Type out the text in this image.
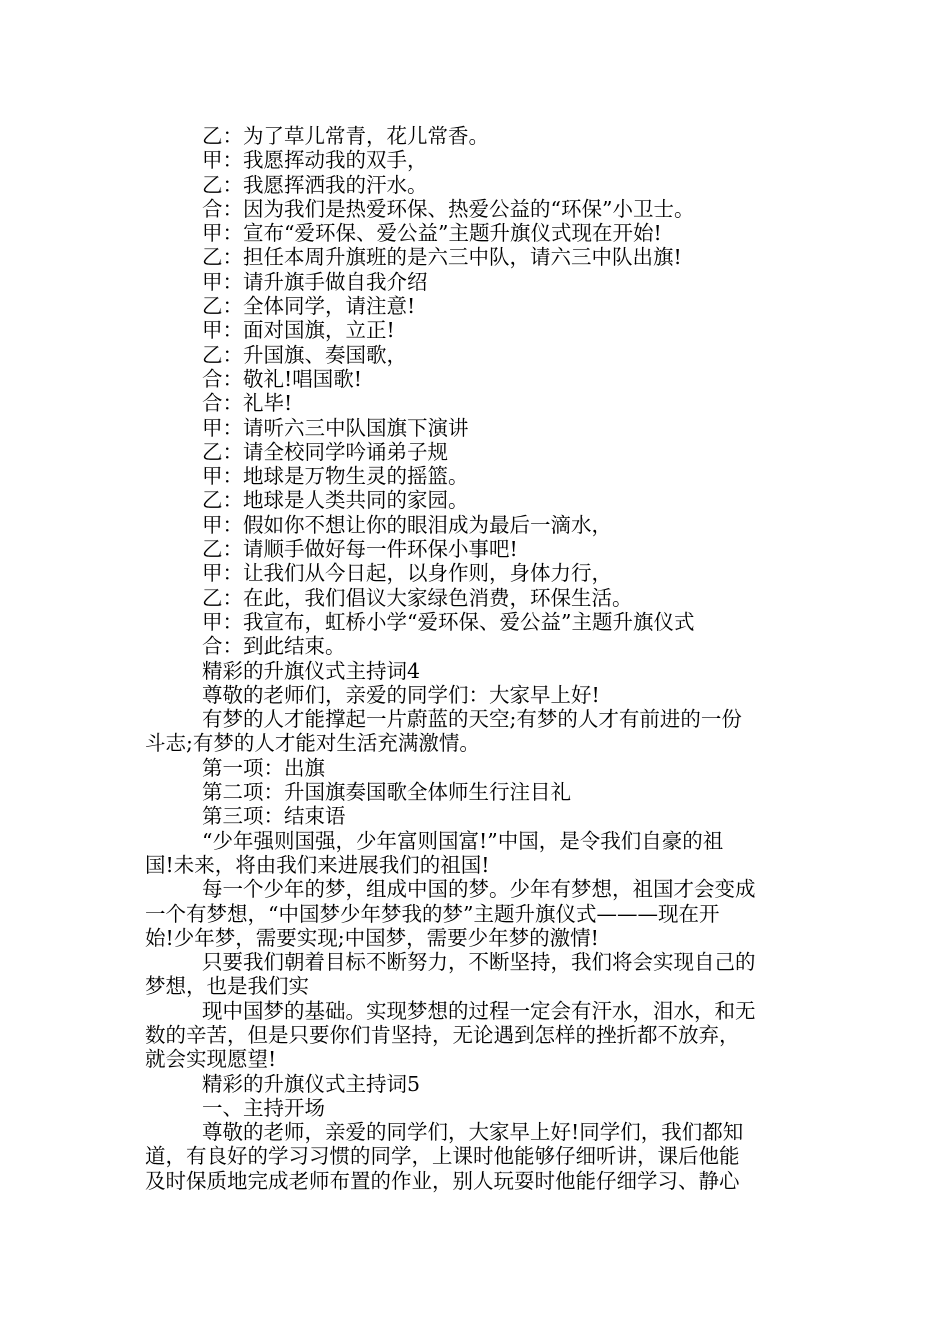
乙：为了草儿常青，花儿常香。

甲：我愿挥动我的双手，

乙：我愿挥洒我的汗水。

合：因为我们是热爱环保、热爱公益的“环保”小卫士。

甲：宣布“爱环保、爱公益”主题升旗仪式现在开始!

乙：担任本周升旗班的是六三中队，请六三中队出旗!

甲：请升旗手做自我介绍

乙：全体同学，请注意!

甲：面对国旗，立正!

乙：升国旗、奏国歌，

合：敬礼!唱国歌!

合：礼毕!

甲：请听六三中队国旗下演讲

乙：请全校同学吟诵弟子规

甲：地球是万物生灵的摇篮。

乙：地球是人类共同的家园。

甲：假如你不想让你的眼泪成为最后一滴水，

乙：请顺手做好每一件环保小事吧!

甲：让我们从今日起，以身作则，身体力行，

乙：在此，我们倡议大家绿色消费，环保生活。

甲：我宣布，虹桥小学“爱环保、爱公益”主题升旗仪式

合：到此结束。

精彩的升旗仪式主持词4

尊敬的老师们，亲爱的同学们：大家早上好!

有梦的人才能撑起一片蔚蓝的天空;有梦的人才有前进的一份

斗志;有梦的人才能对生活充满激情。

第一项：出旗

第二项：升国旗奏国歌全体师生行注目礼

第三项：结束语

“少年强则国强，少年富则国富!”中国，是令我们自豪的祖

国!未来，将由我们来进展我们的祖国!

每一个少年的梦，组成中国的梦。少年有梦想，祖国才会变成

一个有梦想，“中国梦少年梦我的梦”主题升旗仪式———现在开

始!少年梦，需要实现;中国梦，需要少年梦的激情!

只要我们朝着目标不断努力，不断坚持，我们将会实现自己的

梦想，也是我们实

现中国梦的基础。实现梦想的过程一定会有汗水，泪水，和无

数的辛苦，但是只要你们肯坚持，无论遇到怎样的挫折都不放弃，

就会实现愿望!

精彩的升旗仪式主持词5

一、主持开场

尊敬的老师，亲爱的同学们，大家早上好!同学们，我们都知

道，有良好的学习习惯的同学，上课时他能够仔细听讲，课后他能

及时保质地完成老师布置的作业，别人玩耍时他能仔细学习、静心
